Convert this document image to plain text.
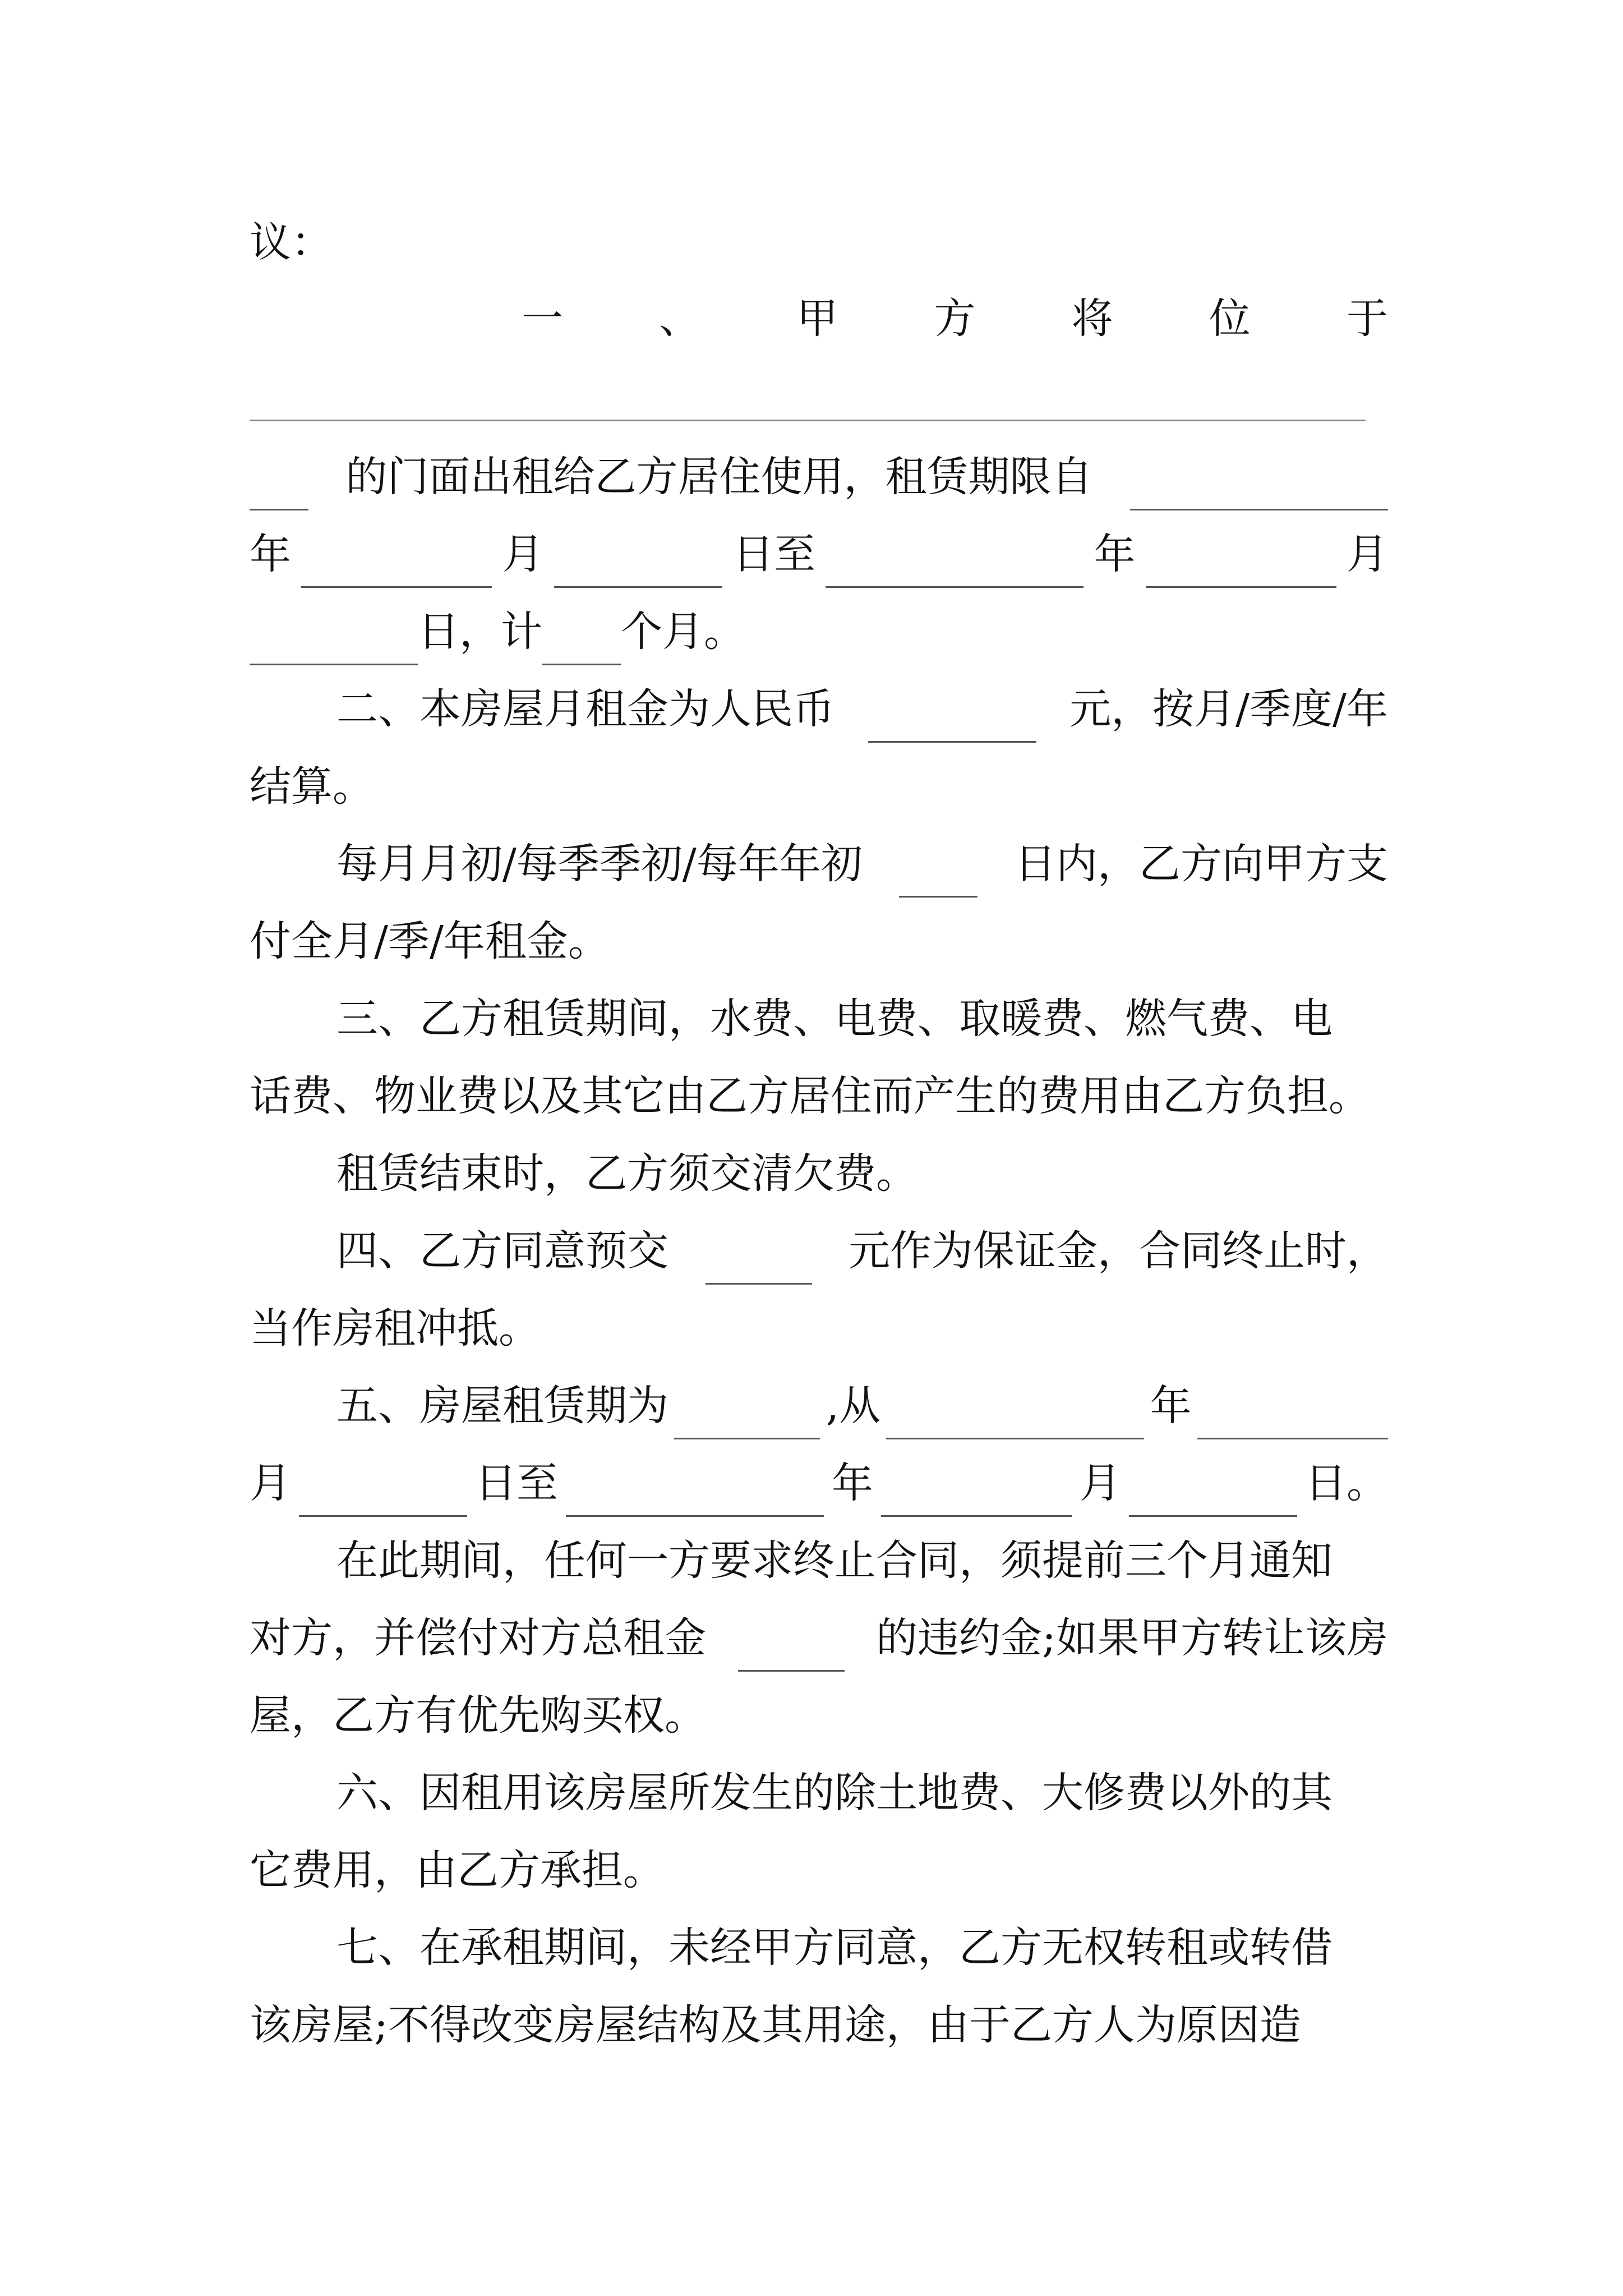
议：
一 、 甲 方 将 位 于
的门面出租给乙方居住使用，租赁期限自
年	月	日至	年	月
日，计 个月。
二、本房屋月租金为人民币	元，按月/季度/年
结算。
每月月初/每季季初/每年年初	日内，乙方向甲方支
付全月/季/年租金。
三、乙方租赁期间，水费、电费、取暖费、燃气费、电
话费、物业费以及其它由乙方居住而产生的费用由乙方负担。
租赁结束时，乙方须交清欠费。
四、乙方同意预交	元作为保证金，合同终止时，
当作房租冲抵。
五、房屋租赁期为	,从	年
月	日至	年	月	日。
在此期间，任何一方要求终止合同，须提前三个月通知
对方，并偿付对方总租金	的违约金;如果甲方转让该房
屋，乙方有优先购买权。
六、因租用该房屋所发生的除土地费、大修费以外的其
它费用，由乙方承担。
七、在承租期间，未经甲方同意，乙方无权转租或转借
该房屋;不得改变房屋结构及其用途，由于乙方人为原因造
